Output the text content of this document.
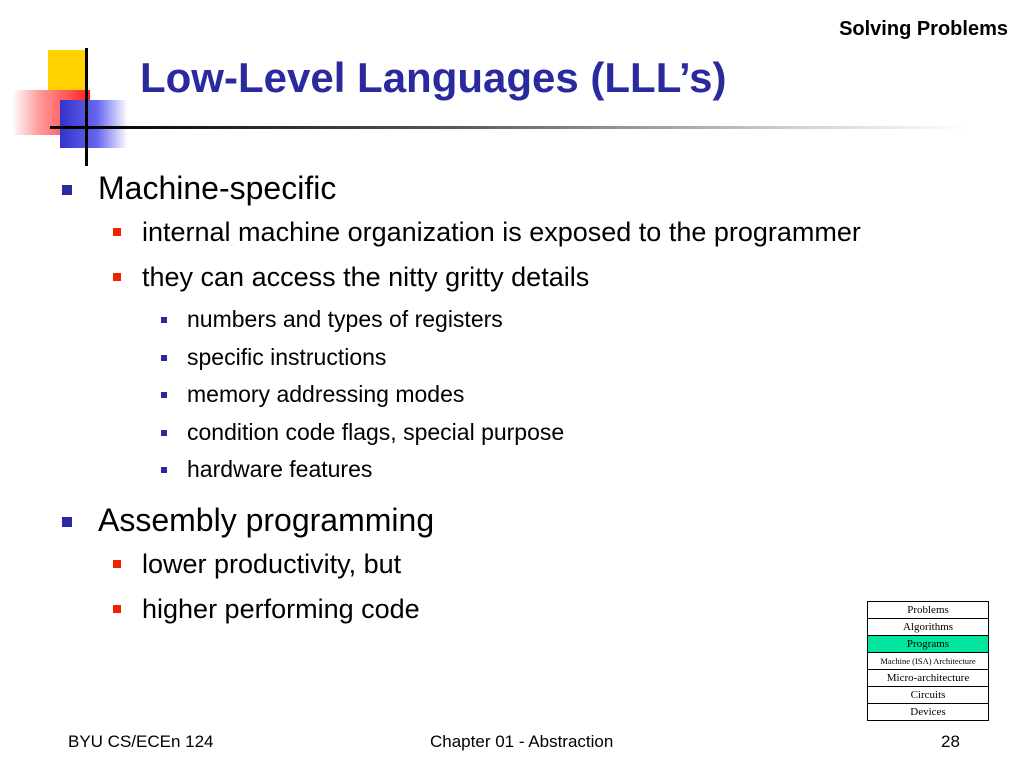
Solving Problems
Low-Level Languages (LLL’s)
Machine-specific
internal machine organization is exposed to the programmer
they can access the nitty gritty details
numbers and types of registers
specific instructions
memory addressing modes
condition code flags, special purpose
hardware features
Assembly programming
lower productivity, but
higher performing code	Problems
Algorithms
Programs
Machine (ISA) Architecture
Micro-architecture
Circuits
Devices
BYU CS/ECEn 124	Chapter 01 - Abstraction	28
